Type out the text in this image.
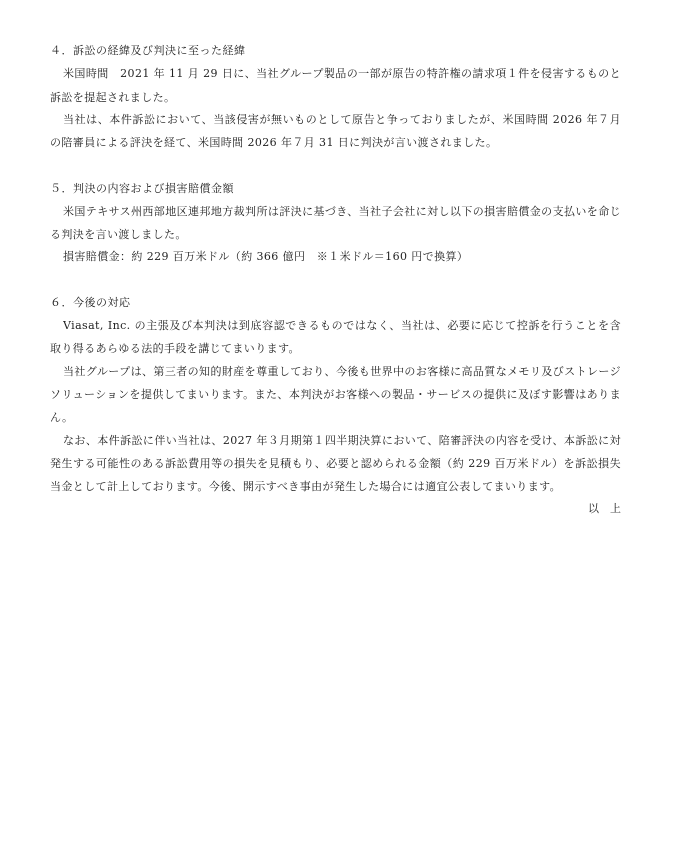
４．訴訟の経緯及び判決に至った経緯
米国時間　2021 年 11 月 29 日に、当社グループ製品の一部が原告の特許権の請求項１件を侵害するものと
訴訟を提起されました。
当社は、本件訴訟において、当該侵害が無いものとして原告と争っておりましたが、米国時間 2026 年７月
の陪審員による評決を経て、米国時間 2026 年７月 31 日に判決が言い渡されました。
５．判決の内容および損害賠償金額
米国テキサス州西部地区連邦地方裁判所は評決に基づき、当社子会社に対し以下の損害賠償金の支払いを命じ
る判決を言い渡しました。
損害賠償金：約 229 百万米ドル（約 366 億円　※１米ドル＝160 円で換算）
６．今後の対応
Viasat, Inc. の主張及び本判決は到底容認できるものではなく、当社は、必要に応じて控訴を行うことを含
取り得るあらゆる法的手段を講じてまいります。
当社グループは、第三者の知的財産を尊重しており、今後も世界中のお客様に高品質なメモリ及びストレージ
ソリューションを提供してまいります。また、本判決がお客様への製品・サービスの提供に及ぼす影響はありま
ん。
なお、本件訴訟に伴い当社は、2027 年３月期第１四半期決算において、陪審評決の内容を受け、本訴訟に対
発生する可能性のある訴訟費用等の損失を見積もり、必要と認められる金額（約 229 百万米ドル）を訴訟損失
当金として計上しております。今後、開示すべき事由が発生した場合には適宜公表してまいります。
以　上
